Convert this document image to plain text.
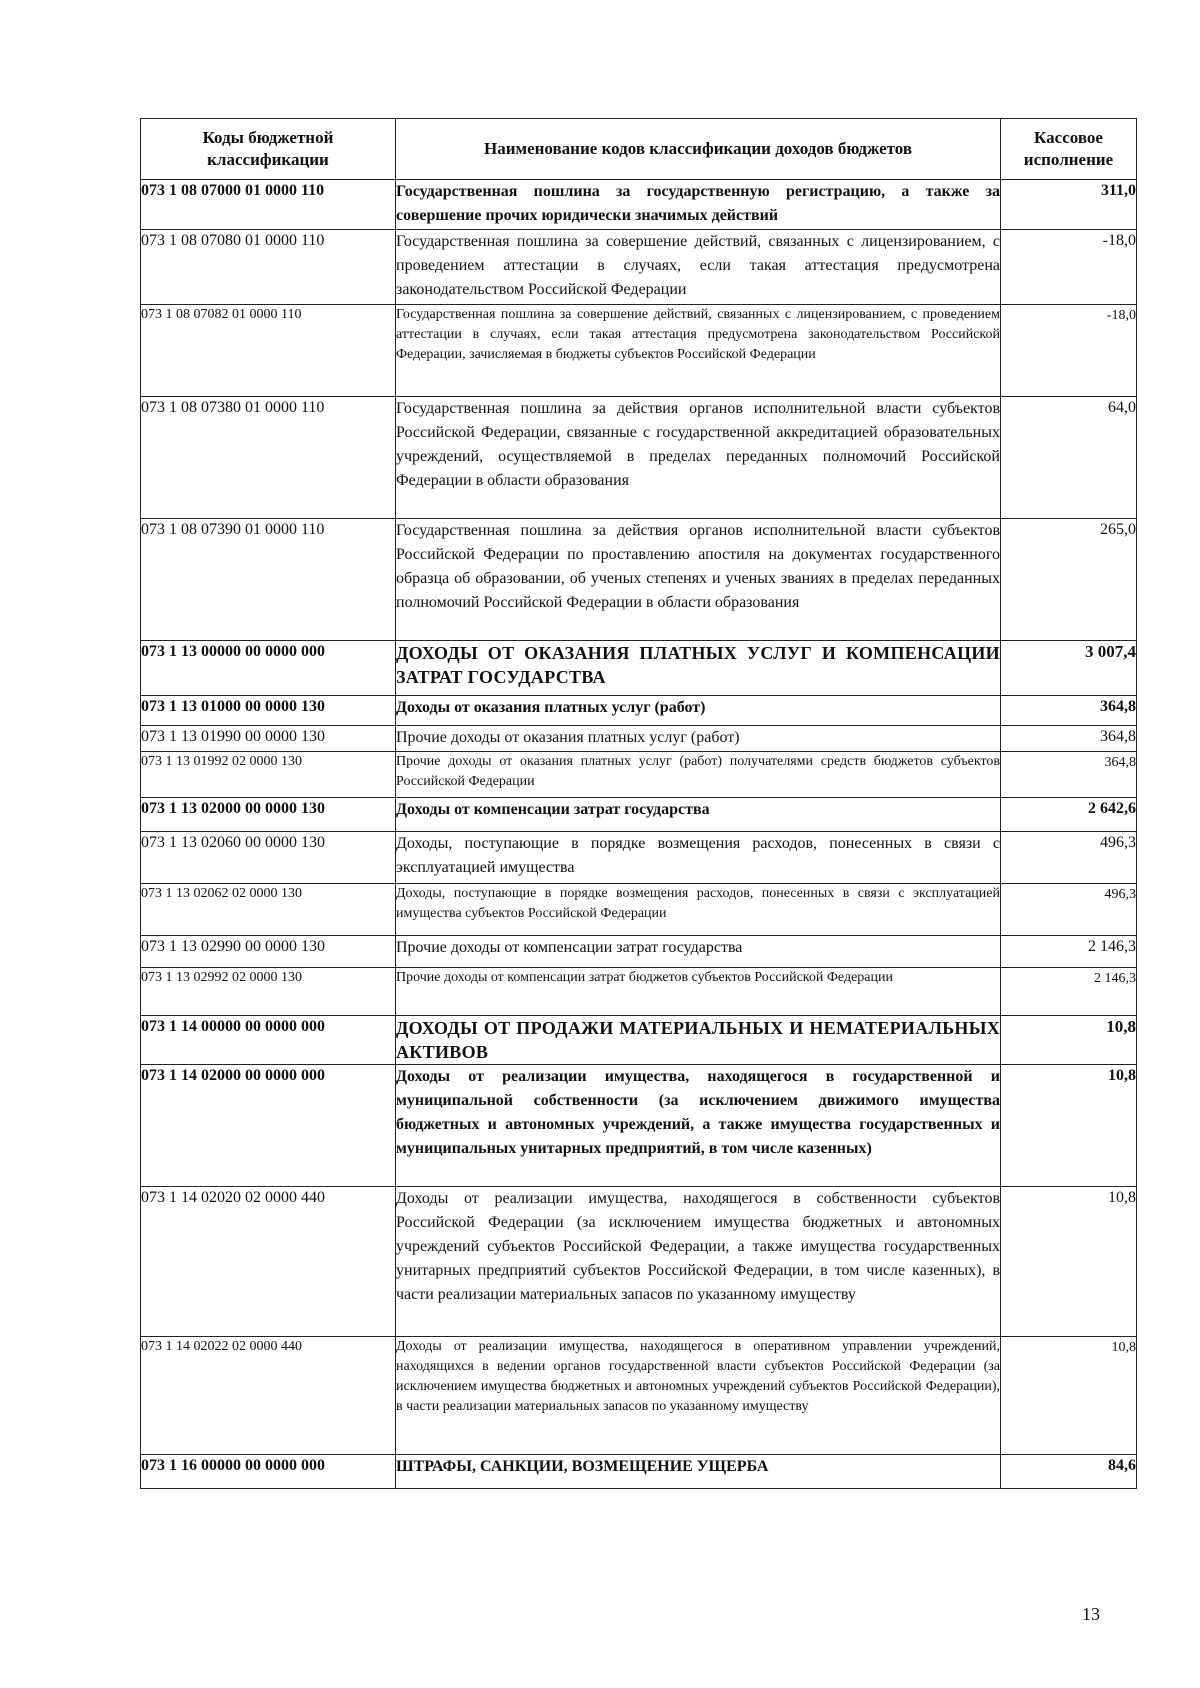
Коды бюджетной классификации	Наименование кодов классификации доходов бюджетов	Кассовое исполнение
073 1 08 07000 01 0000 110	Государственная пошлина за государственную регистрацию, а также за совершение прочих юридически значимых действий	311,0
073 1 08 07080 01 0000 110	Государственная пошлина за совершение действий, связанных с лицензированием, с проведением аттестации в случаях, если такая аттестация предусмотрена законодательством Российской Федерации	-18,0
073 1 08 07082 01 0000 110	Государственная пошлина за совершение действий, связанных с лицензированием, с проведением аттестации в случаях, если такая аттестация предусмотрена законодательством Российской Федерации, зачисляемая в бюджеты субъектов Российской Федерации	-18,0
073 1 08 07380 01 0000 110	Государственная пошлина за действия органов исполнительной власти субъектов Российской Федерации, связанные с государственной аккредитацией образовательных учреждений, осуществляемой в пределах переданных полномочий Российской Федерации в области образования	64,0
073 1 08 07390 01 0000 110	Государственная пошлина за действия органов исполнительной власти субъектов Российской Федерации по проставлению апостиля на документах государственного образца об образовании, об ученых степенях и ученых званиях в пределах переданных полномочий Российской Федерации в области образования	265,0
073 1 13 00000 00 0000 000	ДОХОДЫ ОТ ОКАЗАНИЯ ПЛАТНЫХ УСЛУГ И КОМПЕНСАЦИИ ЗАТРАТ ГОСУДАРСТВА	3 007,4
073 1 13 01000 00 0000 130	Доходы от оказания платных услуг (работ)	364,8
073 1 13 01990 00 0000 130	Прочие доходы от оказания платных услуг (работ)	364,8
073 1 13 01992 02 0000 130	Прочие доходы от оказания платных услуг (работ) получателями средств бюджетов субъектов Российской Федерации	364,8
073 1 13 02000 00 0000 130	Доходы от компенсации затрат государства	2 642,6
073 1 13 02060 00 0000 130	Доходы, поступающие в порядке возмещения расходов, понесенных в связи с эксплуатацией имущества	496,3
073 1 13 02062 02 0000 130	Доходы, поступающие в порядке возмещения расходов, понесенных в связи с эксплуатацией имущества субъектов Российской Федерации	496,3
073 1 13 02990 00 0000 130	Прочие доходы от компенсации затрат государства	2 146,3
073 1 13 02992 02 0000 130	Прочие доходы от компенсации затрат бюджетов субъектов Российской Федерации	2 146,3
073 1 14 00000 00 0000 000	ДОХОДЫ ОТ ПРОДАЖИ МАТЕРИАЛЬНЫХ И НЕМАТЕРИАЛЬНЫХ АКТИВОВ	10,8
073 1 14 02000 00 0000 000	Доходы от реализации имущества, находящегося в государственной и муниципальной собственности (за исключением движимого имущества бюджетных и автономных учреждений, а также имущества государственных и муниципальных унитарных предприятий, в том числе казенных)	10,8
073 1 14 02020 02 0000 440	Доходы от реализации имущества, находящегося в собственности субъектов Российской Федерации (за исключением имущества бюджетных и автономных учреждений субъектов Российской Федерации, а также имущества государственных унитарных предприятий субъектов Российской Федерации, в том числе казенных), в части реализации материальных запасов по указанному имуществу	10,8
073 1 14 02022 02 0000 440	Доходы от реализации имущества, находящегося в оперативном управлении учреждений, находящихся в ведении органов государственной власти субъектов Российской Федерации (за исключением имущества бюджетных и автономных учреждений субъектов Российской Федерации), в части реализации материальных запасов по указанному имуществу	10,8
073 1 16 00000 00 0000 000	ШТРАФЫ, САНКЦИИ, ВОЗМЕЩЕНИЕ УЩЕРБА	84,6
13
